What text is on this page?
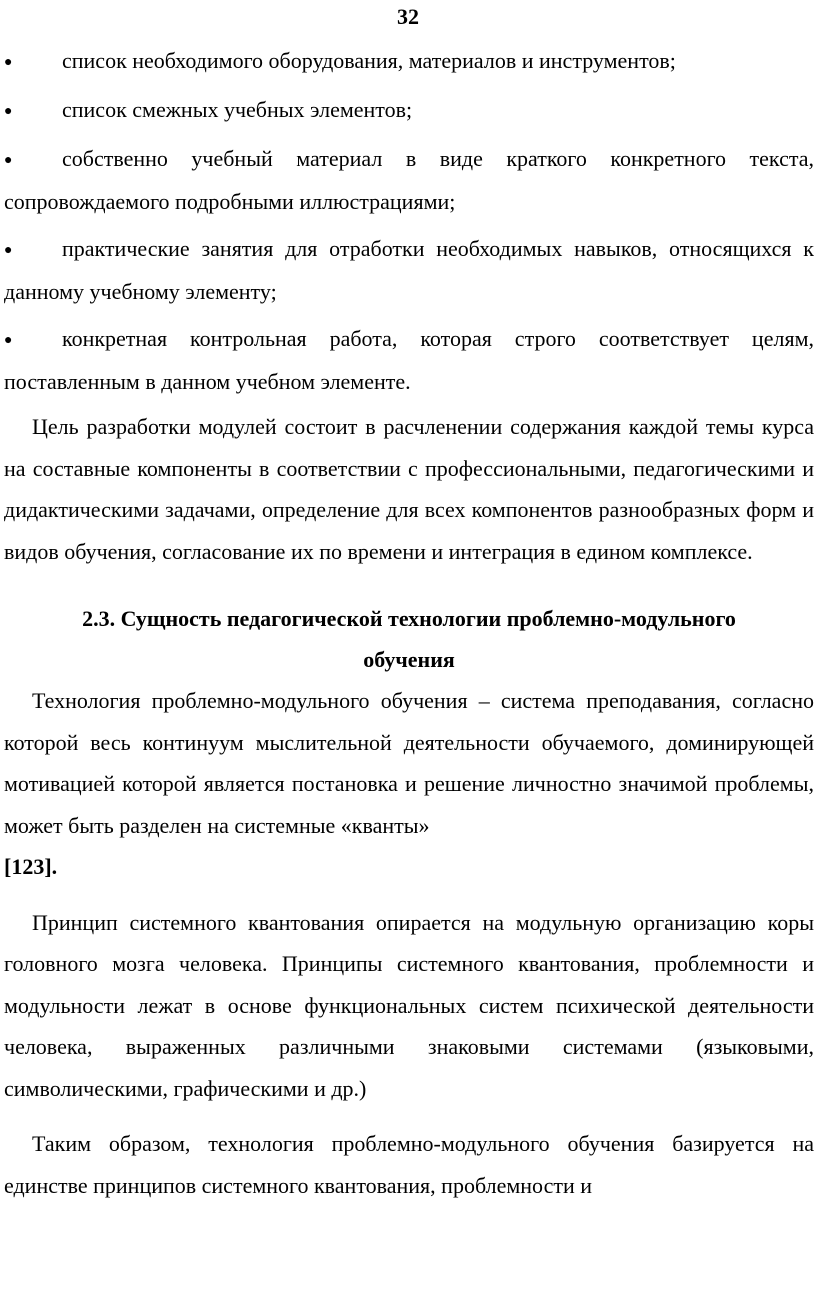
32

● список необходимого оборудования, материалов и инструментов;

● список смежных учебных элементов;

● собственно учебный материал в виде краткого конкретного текста, сопровождаемого подробными иллюстрациями;

● практические занятия для отработки необходимых навыков, относящихся к данному учебному элементу;

● конкретная контрольная работа, которая строго соответствует целям, поставленным в данном учебном элементе.

Цель разработки модулей состоит в расчленении содержания каждой темы курса на составные компоненты в соответствии с профессиональными, педагогическими и дидактическими задачами, определение для всех компонентов разнообразных форм и видов обучения, согласование их по времени и интеграция в едином комплексе.

2.3. Сущность педагогической технологии проблемно-модульного обучения

Технология проблемно-модульного обучения – система преподавания, согласно которой весь континуум мыслительной деятельности обучаемого, доминирующей мотивацией которой является постановка и решение личностно значимой проблемы, может быть разделен на системные «кванты»
[123].

Принцип системного квантования опирается на модульную организацию коры головного мозга человека. Принципы системного квантования, проблемности и модульности лежат в основе функциональных систем психической деятельности человека, выраженных различными знаковыми системами (языковыми, символическими, графическими и др.)

Таким образом, технология проблемно-модульного обучения базируется на единстве принципов системного квантования, проблемности и
